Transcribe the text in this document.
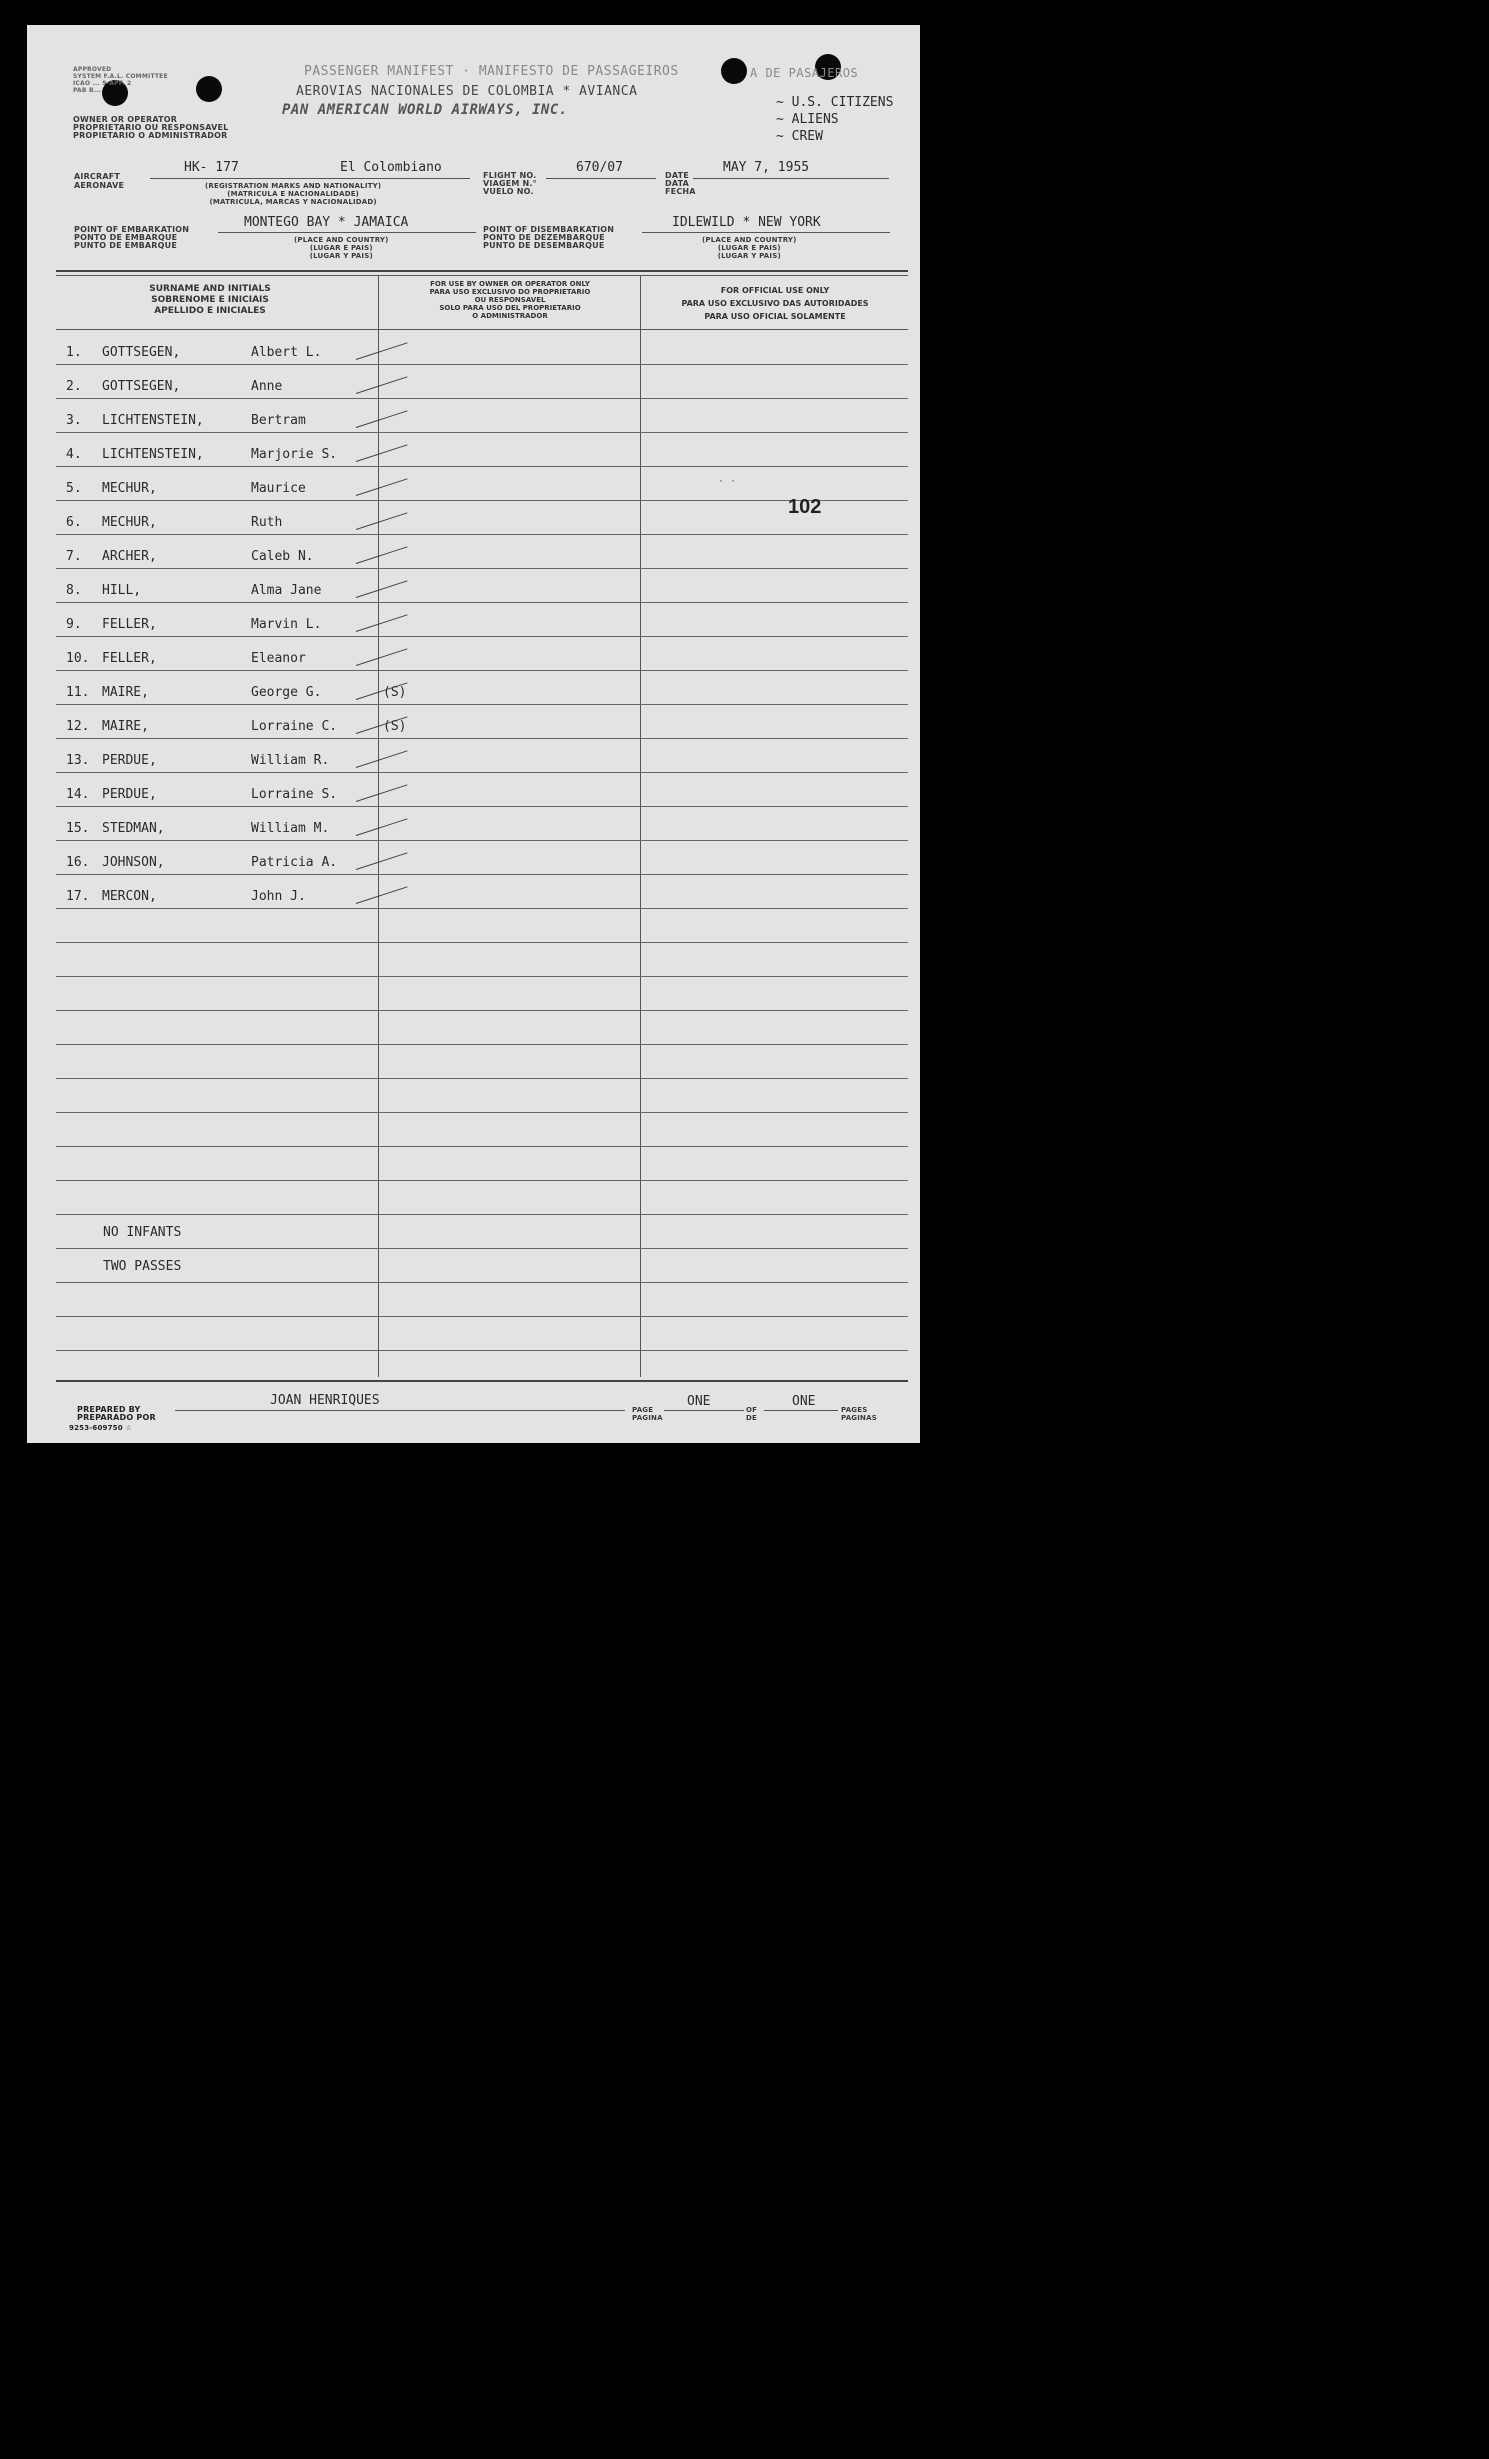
APPROVED
SYSTEM F.A.L. COMMITTEE
ICAO ... 9-APP. 2
PAB B...
OWNER OR OPERATOR
PROPRIETARIO OU RESPONSAVEL
PROPIETARIO O ADMINISTRADOR
PASSENGER MANIFEST · MANIFESTO DE PASSAGEIROS	A DE PASAJEROS
AEROVIAS NACIONALES DE COLOMBIA * AVIANCA
PAN AMERICAN WORLD AIRWAYS, INC.	~ U.S. CITIZENS
~ ALIENS
~ CREW
AIRCRAFT
AERONAVE
HK- 177	El Colombiano
(REGISTRATION MARKS AND NATIONALITY)
(MATRICULA E NACIONALIDADE)
(MATRICULA, MARCAS Y NACIONALIDAD)
FLIGHT NO.
VIAGEM N.°
VUELO NO.
670/07
DATE
DATA
FECHA
MAY 7, 1955
POINT OF EMBARKATION
PONTO DE EMBARQUE
PUNTO DE EMBARQUE
MONTEGO BAY * JAMAICA
(PLACE AND COUNTRY)
(LUGAR E PAIS)
(LUGAR Y PAIS)
POINT OF DISEMBARKATION
PONTO DE DEZEMBARQUE
PUNTO DE DESEMBARQUE
IDLEWILD * NEW YORK
(PLACE AND COUNTRY)
(LUGAR E PAIS)
(LUGAR Y PAIS)
SURNAME AND INITIALS
SOBRENOME E INICIAIS
APELLIDO E INICIALES
FOR USE BY OWNER OR OPERATOR ONLY
PARA USO EXCLUSIVO DO PROPRIETARIO
OU RESPONSAVEL
SOLO PARA USO DEL PROPRIETARIO
O ADMINISTRADOR
FOR OFFICIAL USE ONLY
PARA USO EXCLUSIVO DAS AUTORIDADES
PARA USO OFICIAL SOLAMENTE
1.	GOTTSEGEN,	Albert L.
2.	GOTTSEGEN,	Anne
3.	LICHTENSTEIN,	Bertram
4.	LICHTENSTEIN,	Marjorie S.
5.	MECHUR,	Maurice
6.	MECHUR,	Ruth
7.	ARCHER,	Caleb N.
8.	HILL,	Alma Jane
9.	FELLER,	Marvin L.
10. FELLER,	Eleanor
11. MAIRE,	George G.	(S)
12. MAIRE,	Lorraine C.	(S)
13. PERDUE,	William R.
14. PERDUE,	Lorraine S.
15. STEDMAN,	William M.
16. JOHNSON,	Patricia A.
17. MERCON,	John J.
102
· ·
NO INFANTS
TWO PASSES
PREPARED BY
PREPARADO POR
9253-609750 ☆
JOAN HENRIQUES
PAGE
PAGINA
ONE
OF
DE
ONE
PAGES
PAGINAS
